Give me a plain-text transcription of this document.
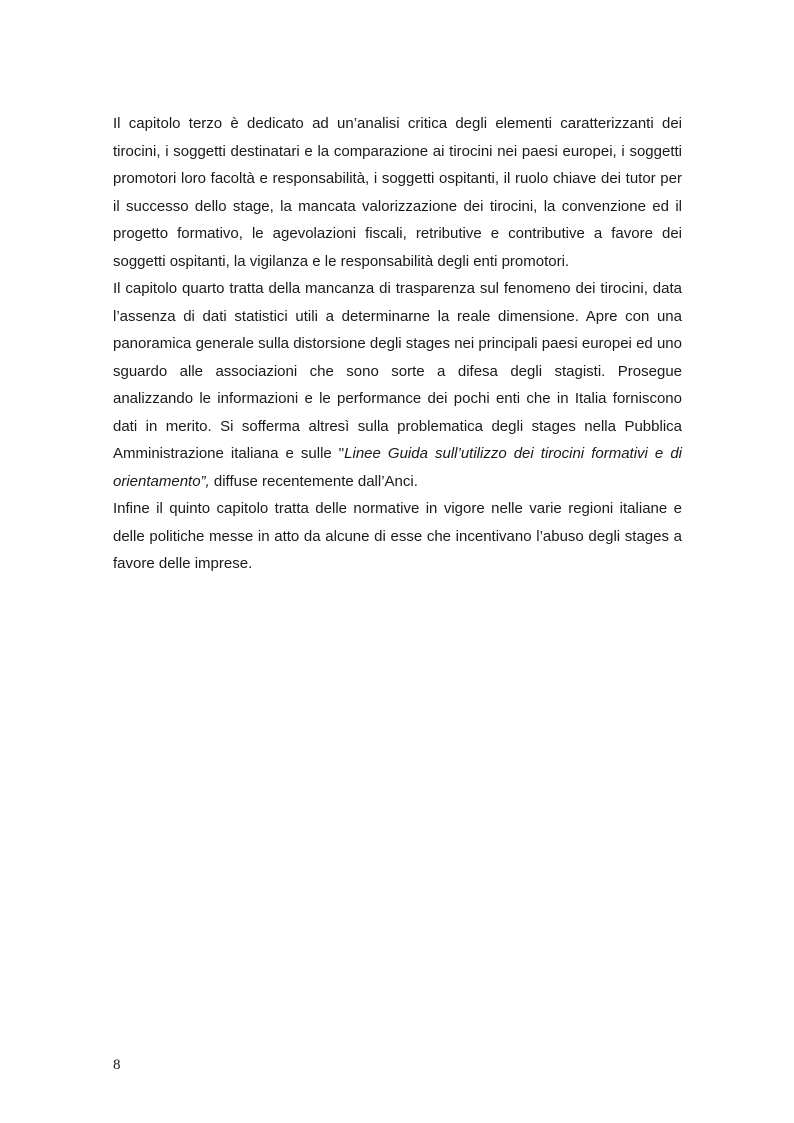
Il capitolo terzo è dedicato ad un’analisi critica degli elementi caratterizzanti dei tirocini, i soggetti destinatari e la comparazione ai tirocini nei paesi europei, i soggetti promotori loro facoltà e responsabilità, i soggetti ospitanti, il ruolo chiave dei tutor per il successo dello stage, la mancata valorizzazione dei tirocini, la convenzione ed il progetto formativo, le agevolazioni fiscali, retributive e contributive a favore dei soggetti ospitanti, la vigilanza e le responsabilità degli enti promotori.

Il capitolo quarto tratta della mancanza di trasparenza sul fenomeno dei tirocini, data l’assenza di dati statistici utili a determinarne la reale dimensione. Apre con una panoramica generale sulla distorsione degli stages nei principali paesi europei ed uno sguardo alle associazioni che sono sorte a difesa degli stagisti. Prosegue analizzando le informazioni e le performance dei pochi enti che in Italia forniscono dati in merito. Si sofferma altresì sulla problematica degli stages nella Pubblica Amministrazione italiana e sulle "Linee Guida sull’utilizzo dei tirocini formativi e di orientamento”, diffuse recentemente dall’Anci.

Infine il quinto capitolo tratta delle normative in vigore nelle varie regioni italiane e delle politiche messe in atto da alcune di esse che incentivano l’abuso degli stages a favore delle imprese.

8
